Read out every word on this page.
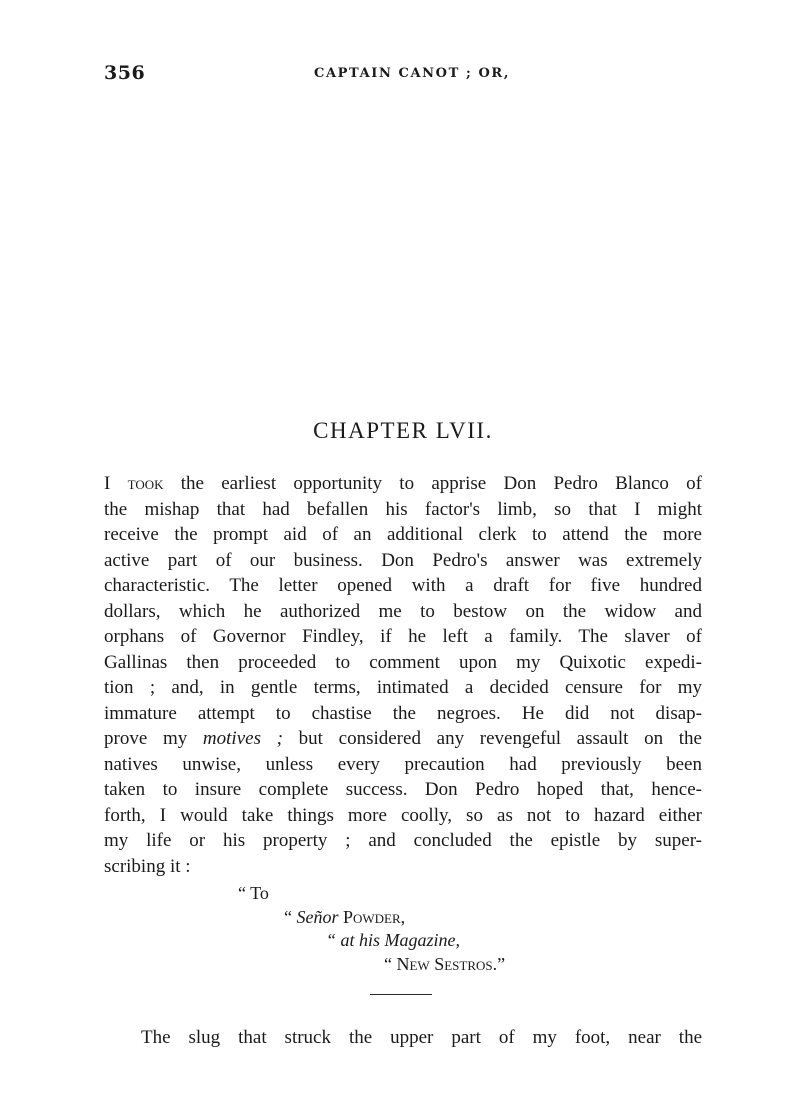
356	CAPTAIN CANOT ; OR,
CHAPTER LVII.
I took the earliest opportunity to apprise Don Pedro Blanco of
the mishap that had befallen his factor's limb, so that I might
receive the prompt aid of an additional clerk to attend the more
active part of our business. Don Pedro's answer was extremely
characteristic. The letter opened with a draft for five hundred
dollars, which he authorized me to bestow on the widow and
orphans of Governor Findley, if he left a family. The slaver of
Gallinas then proceeded to comment upon my Quixotic expedi-
tion ; and, in gentle terms, intimated a decided censure for my
immature attempt to chastise the negroes. He did not disap-
prove my motives ; but considered any revengeful assault on the
natives unwise, unless every precaution had previously been
taken to insure complete success. Don Pedro hoped that, hence-
forth, I would take things more coolly, so as not to hazard either
my life or his property ; and concluded the epistle by super-
scribing it :
“ To
“ Señor Powder,
“ at his Magazine,
“ New Sestros.”
The slug that struck the upper part of my foot, near the
